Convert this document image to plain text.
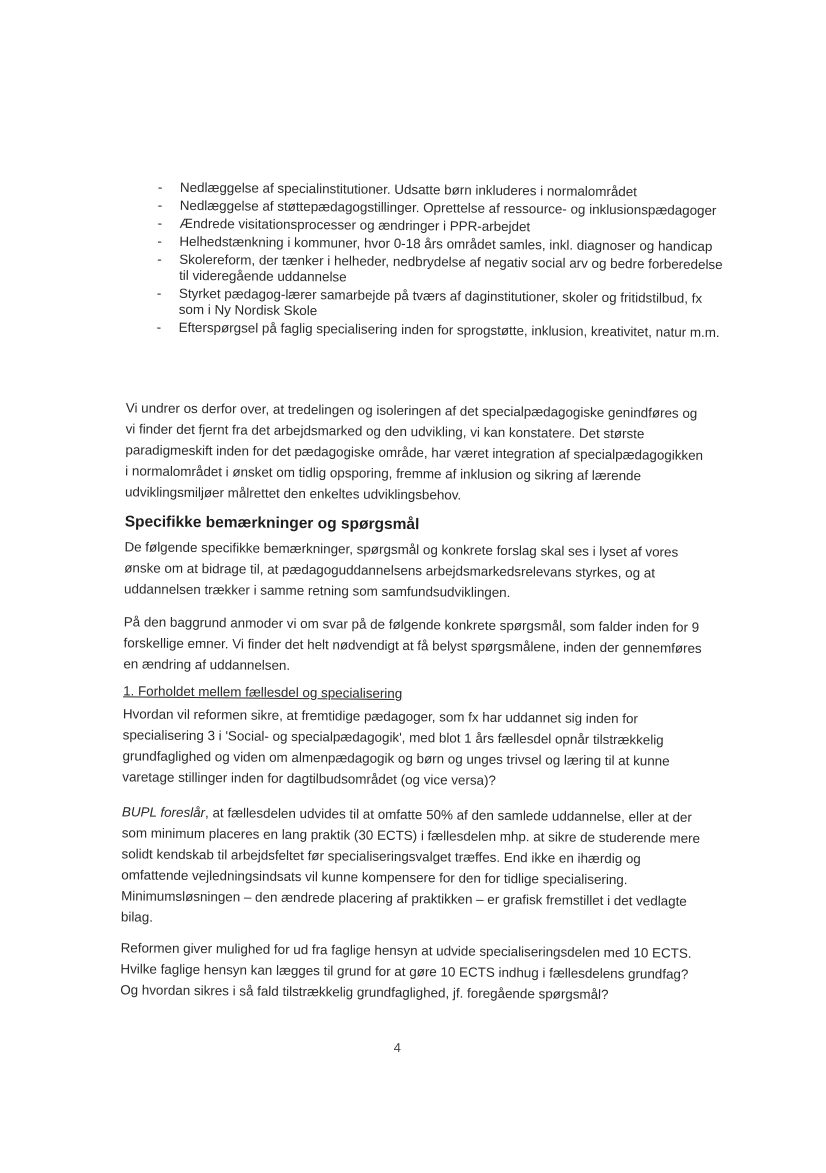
- Nedlæggelse af specialinstitutioner. Udsatte børn inkluderes i normalområdet
- Nedlæggelse af støttepædagogstillinger. Oprettelse af ressource- og inklusionspædagoger
- Ændrede visitationsprocesser og ændringer i PPR-arbejdet
- Helhedstænkning i kommuner, hvor 0-18 års området samles, inkl. diagnoser og handicap
- Skolereform, der tænker i helheder, nedbrydelse af negativ social arv og bedre forberedelse til videregående uddannelse
- Styrket pædagog-lærer samarbejde på tværs af daginstitutioner, skoler og fritidstilbud, fx som i Ny Nordisk Skole
- Efterspørgsel på faglig specialisering inden for sprogstøtte, inklusion, kreativitet, natur m.m.

Vi undrer os derfor over, at tredelingen og isoleringen af det specialpædagogiske genindføres og vi finder det fjernt fra det arbejdsmarked og den udvikling, vi kan konstatere. Det største paradigmeskift inden for det pædagogiske område, har været integration af specialpædagogikken i normalområdet i ønsket om tidlig opsporing, fremme af inklusion og sikring af lærende udviklingsmiljøer målrettet den enkeltes udviklingsbehov.

Specifikke bemærkninger og spørgsmål

De følgende specifikke bemærkninger, spørgsmål og konkrete forslag skal ses i lyset af vores ønske om at bidrage til, at pædagoguddannelsens arbejdsmarkedsrelevans styrkes, og at uddannelsen trækker i samme retning som samfundsudviklingen.

På den baggrund anmoder vi om svar på de følgende konkrete spørgsmål, som falder inden for 9 forskellige emner. Vi finder det helt nødvendigt at få belyst spørgsmålene, inden der gennemføres en ændring af uddannelsen.

1. Forholdet mellem fællesdel og specialisering

Hvordan vil reformen sikre, at fremtidige pædagoger, som fx har uddannet sig inden for specialisering 3 i 'Social- og specialpædagogik', med blot 1 års fællesdel opnår tilstrækkelig grundfaglighed og viden om almenpædagogik og børn og unges trivsel og læring til at kunne varetage stillinger inden for dagtilbudsområdet (og vice versa)?

BUPL foreslår, at fællesdelen udvides til at omfatte 50% af den samlede uddannelse, eller at der som minimum placeres en lang praktik (30 ECTS) i fællesdelen mhp. at sikre de studerende mere solidt kendskab til arbejdsfeltet før specialiseringsvalget træffes. End ikke en ihærdig og omfattende vejledningsindsats vil kunne kompensere for den for tidlige specialisering. Minimumsløsningen – den ændrede placering af praktikken – er grafisk fremstillet i det vedlagte bilag.

Reformen giver mulighed for ud fra faglige hensyn at udvide specialiseringsdelen med 10 ECTS. Hvilke faglige hensyn kan lægges til grund for at gøre 10 ECTS indhug i fællesdelens grundfag? Og hvordan sikres i så fald tilstrækkelig grundfaglighed, jf. foregående spørgsmål?

4
